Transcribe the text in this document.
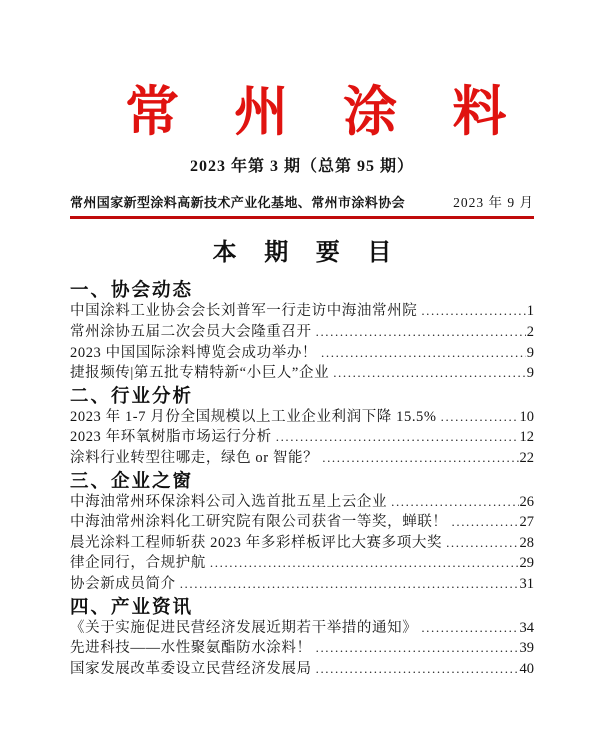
常州涂料
2023 年第 3 期（总第 95 期）
常州国家新型涂料高新技术产业化基地、常州市涂料协会	2023 年 9 月
本期要目
一、协会动态
中国涂料工业协会会长刘普军一行走访中海油常州院 .....	1
常州涂协五届二次会员大会隆重召开 .....	2
2023 中国国际涂料博览会成功举办！ .....	9
捷报频传|第五批专精特新“小巨人”企业 .....	9
二、行业分析
2023 年 1-7 月份全国规模以上工业企业利润下降 15.5% .....	10
2023 年环氧树脂市场运行分析 .....	12
涂料行业转型往哪走，绿色 or 智能？ .....	22
三、企业之窗
中海油常州环保涂料公司入选首批五星上云企业 .....	26
中海油常州涂料化工研究院有限公司获省一等奖，蝉联！ .....	27
晨光涂料工程师斩获 2023 年多彩样板评比大赛多项大奖 .....	28
律企同行，合规护航 .....	29
协会新成员简介 .....	31
四、产业资讯
《关于实施促进民营经济发展近期若干举措的通知》 .....	34
先进科技——水性聚氨酯防水涂料！ .....	39
国家发展改革委设立民营经济发展局 .....	40
